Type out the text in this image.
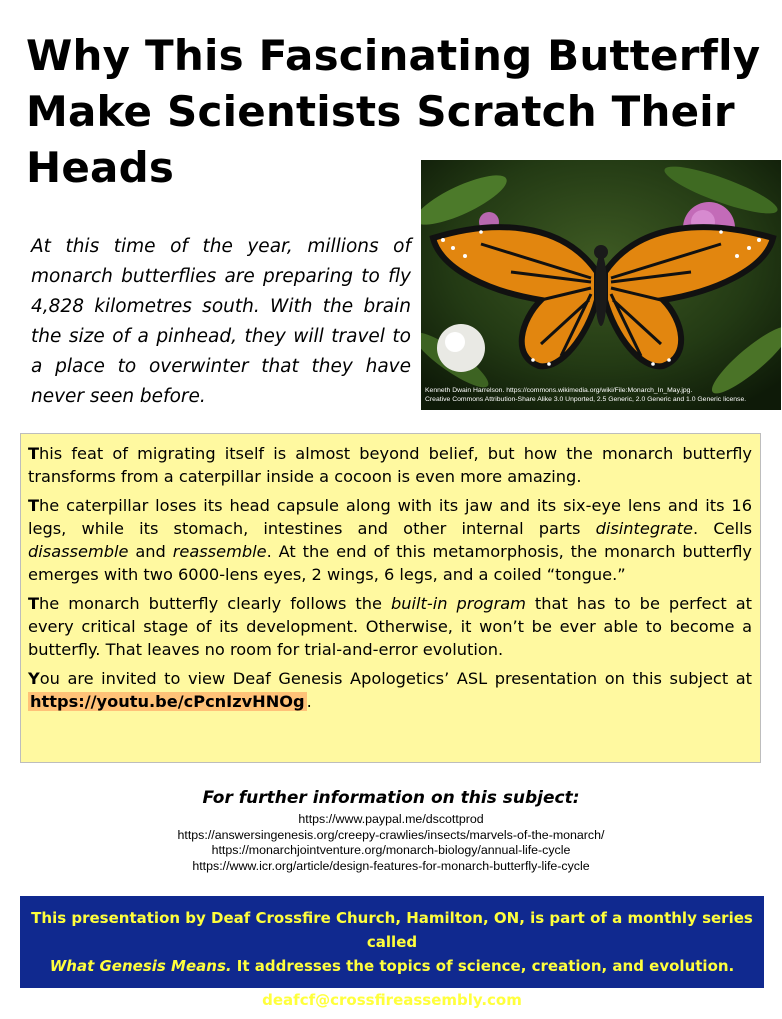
Why This Fascinating Butterfly Make Scientists Scratch Their Heads

At this time of the year, millions of monarch butterflies are preparing to fly 4,828 kilometres south. With the brain the size of a pinhead, they will travel to a place to overwinter that they have never seen before.	Kenneth Dwain Harrelson. https://commons.wikimedia.org/wiki/File:Monarch_In_May.jpg.
Creative Commons Attribution-Share Alike 3.0 Unported, 2.5 Generic, 2.0 Generic and 1.0 Generic license.

This feat of migrating itself is almost beyond belief, but how the monarch butterfly transforms from a caterpillar inside a cocoon is even more amazing.

The caterpillar loses its head capsule along with its jaw and its six-eye lens and its 16 legs, while its stomach, intestines and other internal parts disintegrate. Cells disassemble and reassemble. At the end of this metamorphosis, the monarch butterfly emerges with two 6000-lens eyes, 2 wings, 6 legs, and a coiled “tongue.”

The monarch butterfly clearly follows the built-in program that has to be perfect at every critical stage of its development. Otherwise, it won’t be ever able to become a butterfly. That leaves no room for trial-and-error evolution.

You are invited to view Deaf Genesis Apologetics’ ASL presentation on this subject at https://youtu.be/cPcnIzvHNOg .

For further information on this subject:

https://www.paypal.me/dscottprod
https://answersingenesis.org/creepy-crawlies/insects/marvels-of-the-monarch/
https://monarchjointventure.org/monarch-biology/annual-life-cycle
https://www.icr.org/article/design-features-for-monarch-butterfly-life-cycle
This presentation by Deaf Crossfire Church, Hamilton, ON, is part of a monthly series called
What Genesis Means. It addresses the topics of science, creation, and evolution.
deafcf@crossfireassembly.com
